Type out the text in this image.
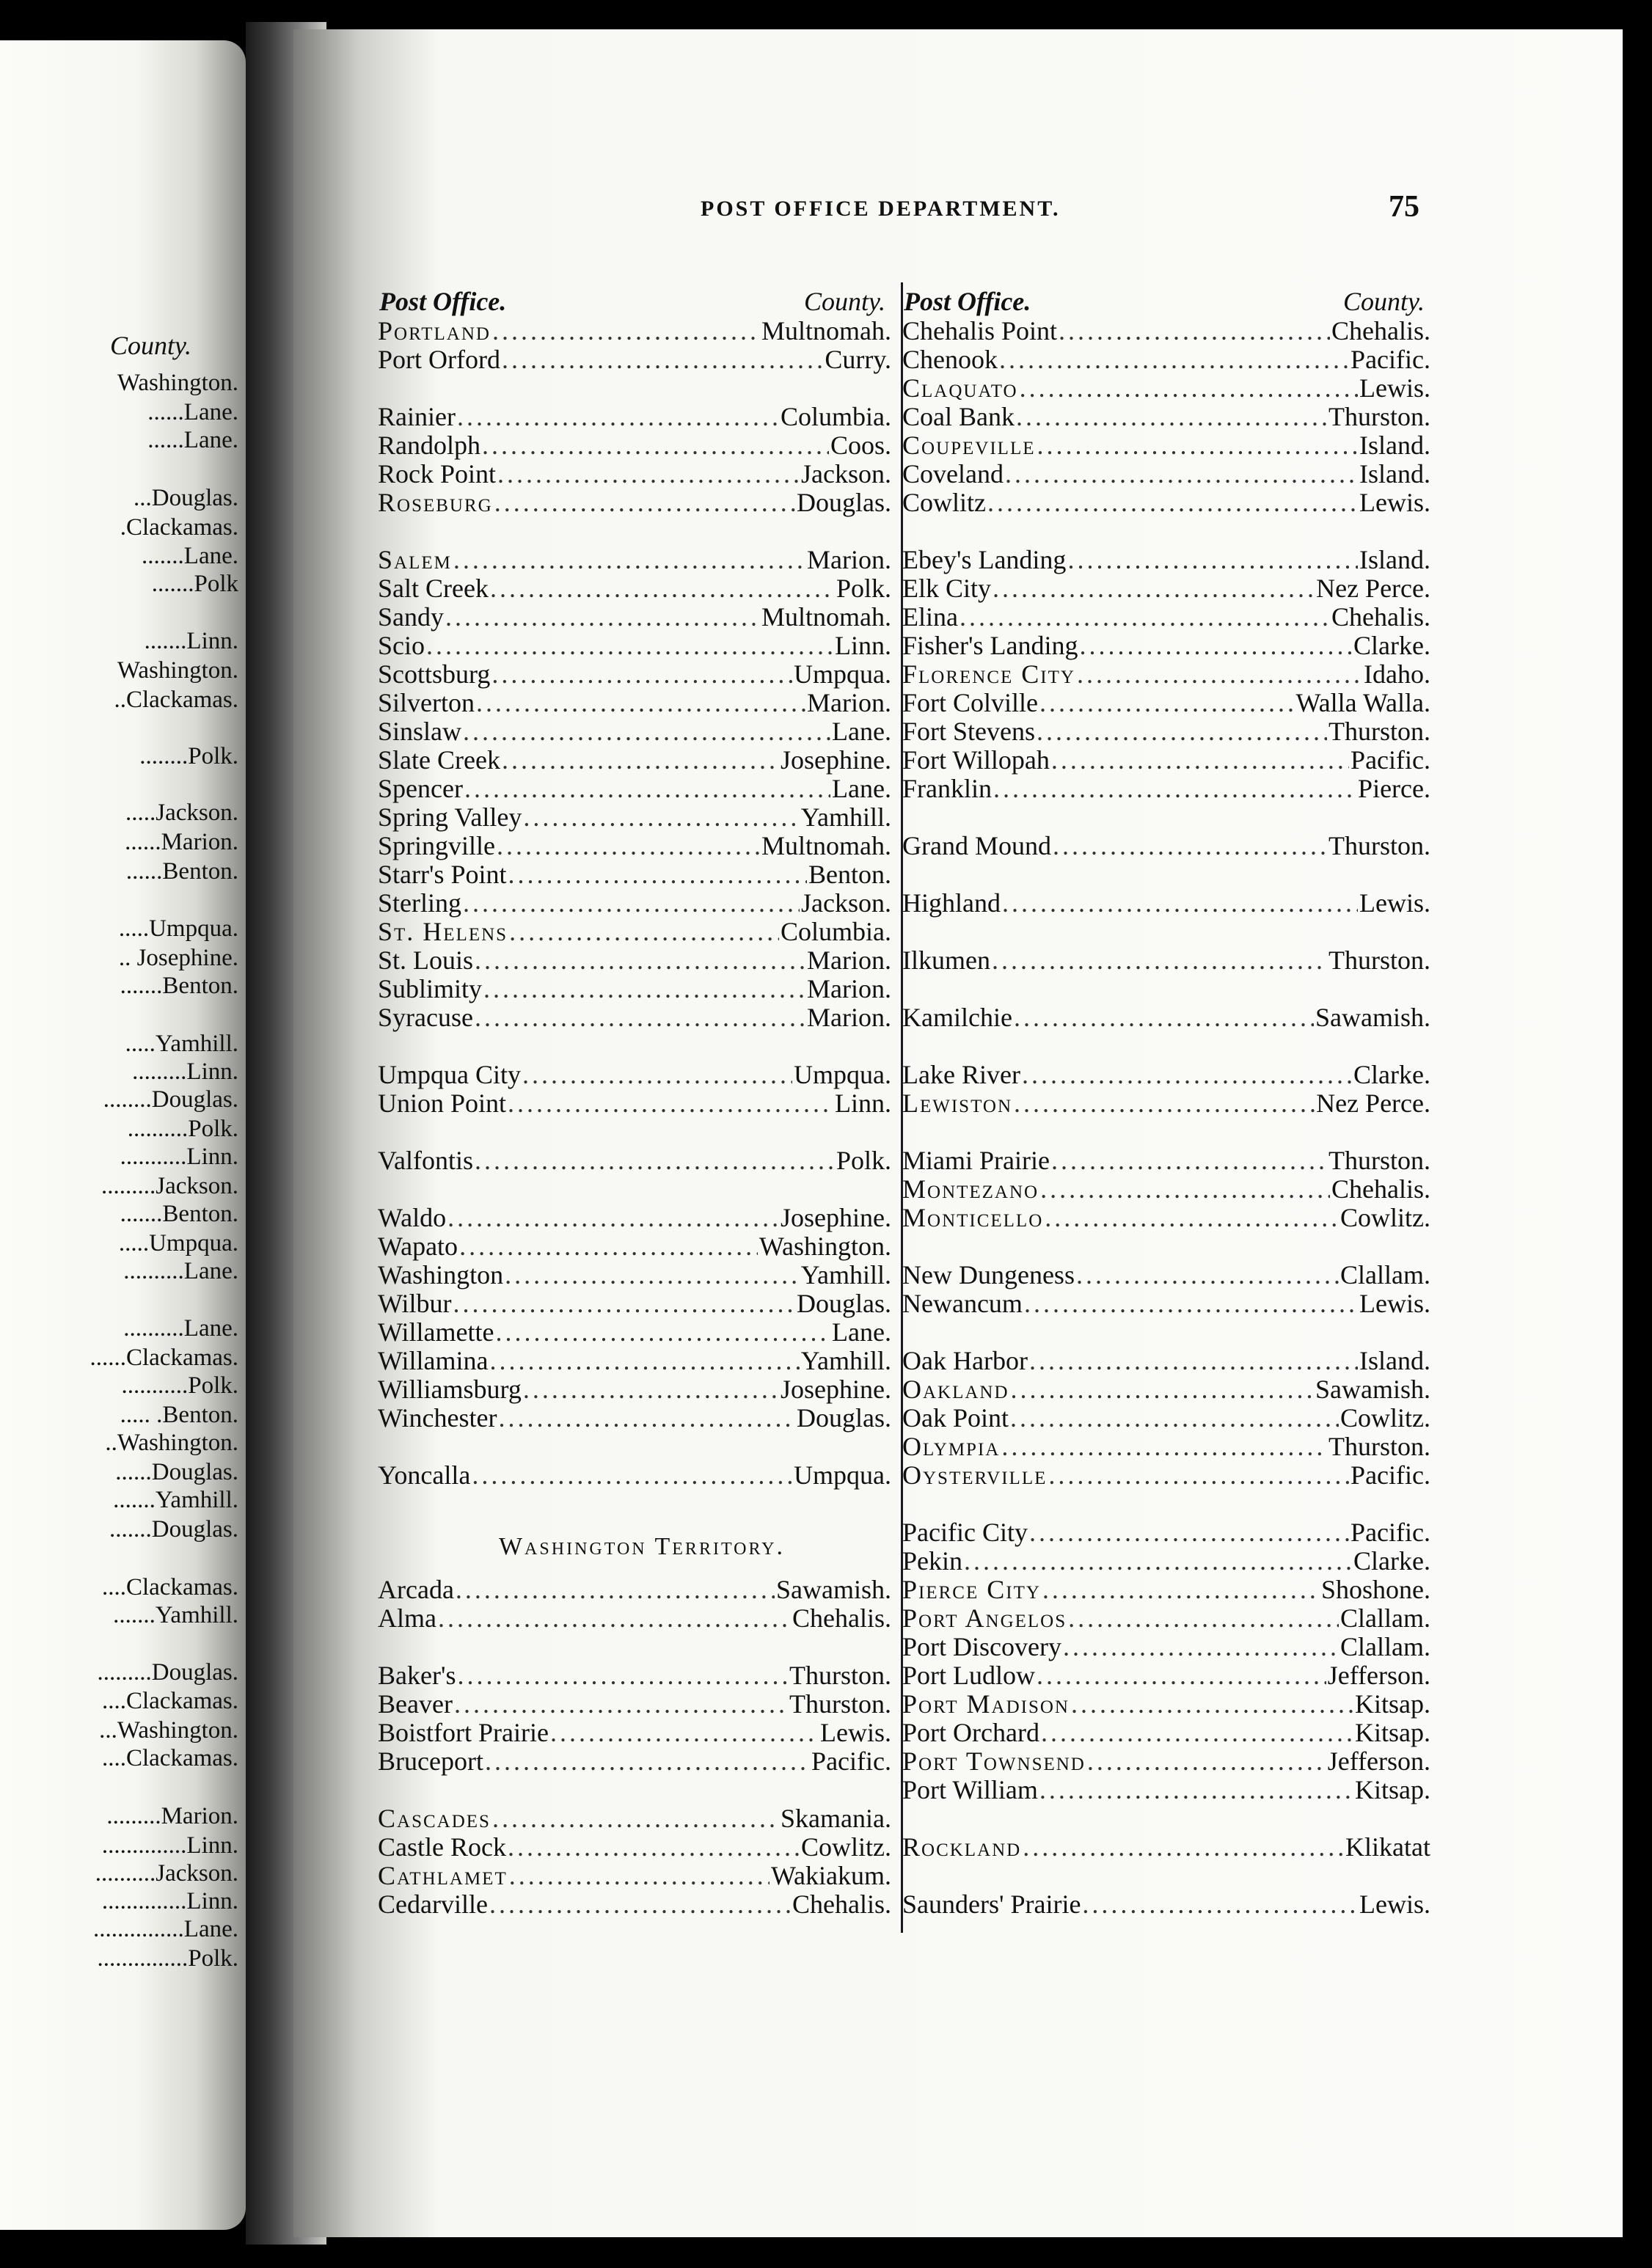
County.
Washington.
......Lane.
......Lane.
...Douglas.
.Clackamas.
.......Lane.
.......Polk
.......Linn.
Washington.
..Clackamas.
........Polk.
.....Jackson.
......Marion.
......Benton.
.....Umpqua.
.. Josephine.
.......Benton.
.....Yamhill.
.........Linn.
........Douglas.
..........Polk.
...........Linn.
.........Jackson.
.......Benton.
.....Umpqua.
..........Lane.
..........Lane.
......Clackamas.
...........Polk.
..... .Benton.
..Washington.
......Douglas.
.......Yamhill.
.......Douglas.
....Clackamas.
.......Yamhill.
.........Douglas.
....Clackamas.
...Washington.
....Clackamas.
.........Marion.
..............Linn.
..........Jackson.
..............Linn.
...............Lane.
...............Polk.
POST OFFICE DEPARTMENT.	75
Post Office.	County.
Portland .....	Multnomah.
Port Orford .....	Curry.
Rainier .....	Columbia.
Randolph .....	Coos.
Rock Point .....	Jackson.
Roseburg .....	Douglas.
Salem .....	Marion.
Salt Creek .....	Polk.
Sandy .....	Multnomah.
Scio .....	Linn.
Scottsburg .....	Umpqua.
Silverton .....	Marion.
Sinslaw .....	Lane.
Slate Creek .....	Josephine.
Spencer .....	Lane.
Spring Valley .....	Yamhill.
Springville .....	Multnomah.
Starr's Point .....	Benton.
Sterling .....	Jackson.
St. Helens .....	Columbia.
St. Louis .....	Marion.
Sublimity .....	Marion.
Syracuse .....	Marion.
Umpqua City .....	Umpqua.
Union Point .....	Linn.
Valfontis .....	Polk.
Waldo .....	Josephine.
Wapato .....	Washington.
Washington .....	Yamhill.
Wilbur .....	Douglas.
Willamette .....	Lane.
Willamina .....	Yamhill.
Williamsburg .....	Josephine.
Winchester .....	Douglas.
Yoncalla .....	Umpqua.
Washington Territory.
Arcada .....	Sawamish.
Alma .....	Chehalis.
Baker's .....	Thurston.
Beaver .....	Thurston.
Boistfort Prairie .....	Lewis.
Bruceport .....	Pacific.
Cascades .....	Skamania.
Castle Rock .....	Cowlitz.
Cathlamet .....	Wakiakum.
Cedarville .....	Chehalis.
Post Office.	County.
Chehalis Point .....	Chehalis.
Chenook .....	Pacific.
Claquato .....	Lewis.
Coal Bank .....	Thurston.
Coupeville .....	Island.
Coveland .....	Island.
Cowlitz .....	Lewis.
Ebey's Landing .....	Island.
Elk City .....	Nez Perce.
Elina .....	Chehalis.
Fisher's Landing .....	Clarke.
Florence City .....	Idaho.
Fort Colville .....	Walla Walla.
Fort Stevens .....	Thurston.
Fort Willopah .....	Pacific.
Franklin .....	Pierce.
Grand Mound .....	Thurston.
Highland .....	Lewis.
Ilkumen .....	Thurston.
Kamilchie .....	Sawamish.
Lake River .....	Clarke.
Lewiston .....	Nez Perce.
Miami Prairie .....	Thurston.
Montezano .....	Chehalis.
Monticello .....	Cowlitz.
New Dungeness .....	Clallam.
Newancum .....	Lewis.
Oak Harbor .....	Island.
Oakland .....	Sawamish.
Oak Point .....	Cowlitz.
Olympia .....	Thurston.
Oysterville .....	Pacific.
Pacific City .....	Pacific.
Pekin .....	Clarke.
Pierce City .....	Shoshone.
Port Angelos .....	Clallam.
Port Discovery .....	Clallam.
Port Ludlow .....	Jefferson.
Port Madison .....	Kitsap.
Port Orchard .....	Kitsap.
Port Townsend .....	Jefferson.
Port William .....	Kitsap.
Rockland .....	Klikatat
Saunders' Prairie .....	Lewis.
